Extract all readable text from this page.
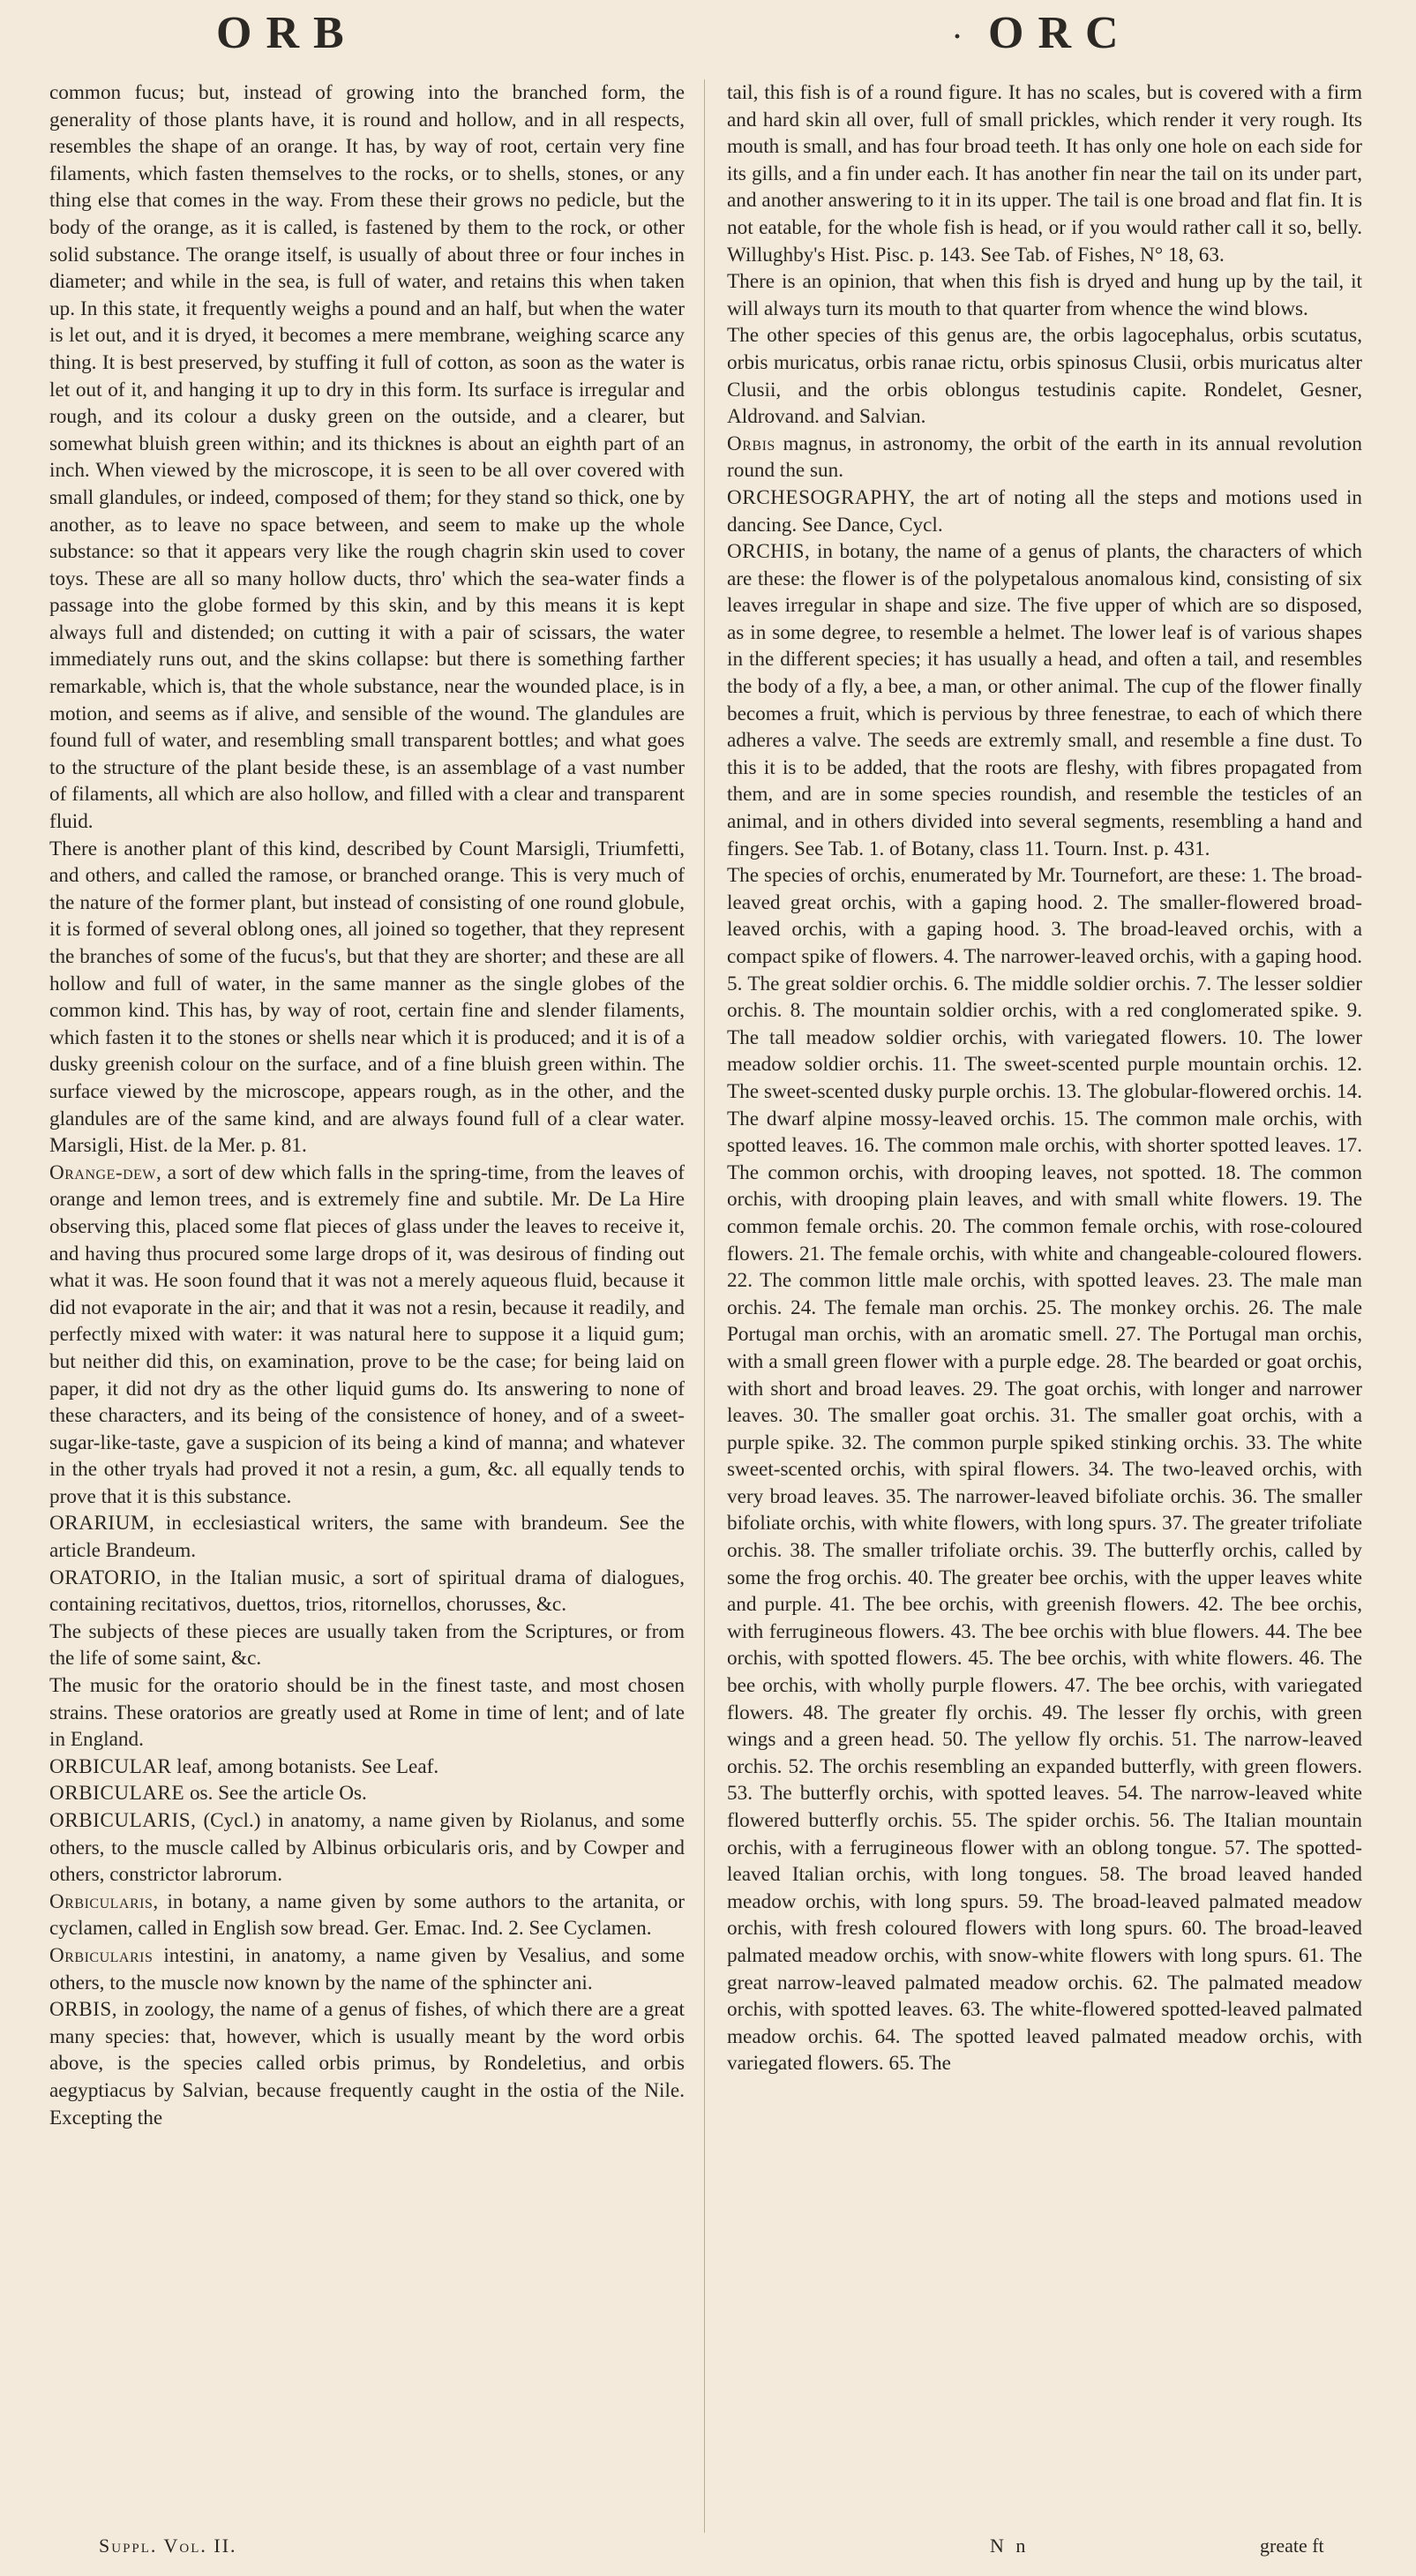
ORB	· ORC

common fucus; but, instead of growing into the branched form, the generality of those plants have, it is round and hollow, and in all respects, resembles the shape of an orange. It has, by way of root, certain very fine filaments, which fasten themselves to the rocks, or to shells, stones, or any thing else that comes in the way. From these their grows no pedicle, but the body of the orange, as it is called, is fastened by them to the rock, or other solid substance. The orange itself, is usually of about three or four inches in diameter; and while in the sea, is full of water, and retains this when taken up. In this state, it frequently weighs a pound and an half, but when the water is let out, and it is dryed, it becomes a mere membrane, weighing scarce any thing. It is best preserved, by stuffing it full of cotton, as soon as the water is let out of it, and hanging it up to dry in this form. Its surface is irregular and rough, and its colour a dusky green on the outside, and a clearer, but somewhat bluish green within; and its thicknes is about an eighth part of an inch. When viewed by the microscope, it is seen to be all over covered with small glandules, or indeed, composed of them; for they stand so thick, one by another, as to leave no space between, and seem to make up the whole substance: so that it appears very like the rough chagrin skin used to cover toys. These are all so many hollow ducts, thro' which the sea-water finds a passage into the globe formed by this skin, and by this means it is kept always full and distended; on cutting it with a pair of scissars, the water immediately runs out, and the skins collapse: but there is something farther remarkable, which is, that the whole substance, near the wounded place, is in motion, and seems as if alive, and sensible of the wound. The glandules are found full of water, and resembling small transparent bottles; and what goes to the structure of the plant beside these, is an assemblage of a vast number of filaments, all which are also hollow, and filled with a clear and transparent fluid.

There is another plant of this kind, described by Count Marsigli, Triumfetti, and others, and called the ramose, or branched orange. This is very much of the nature of the former plant, but instead of consisting of one round globule, it is formed of several oblong ones, all joined so together, that they represent the branches of some of the fucus's, but that they are shorter; and these are all hollow and full of water, in the same manner as the single globes of the common kind. This has, by way of root, certain fine and slender filaments, which fasten it to the stones or shells near which it is produced; and it is of a dusky greenish colour on the surface, and of a fine bluish green within. The surface viewed by the microscope, appears rough, as in the other, and the glandules are of the same kind, and are always found full of a clear water. Marsigli, Hist. de la Mer. p. 81.

Orange-dew, a sort of dew which falls in the spring-time, from the leaves of orange and lemon trees, and is extremely fine and subtile. Mr. De La Hire observing this, placed some flat pieces of glass under the leaves to receive it, and having thus procured some large drops of it, was desirous of finding out what it was. He soon found that it was not a merely aqueous fluid, because it did not evaporate in the air; and that it was not a resin, because it readily, and perfectly mixed with water: it was natural here to suppose it a liquid gum; but neither did this, on examination, prove to be the case; for being laid on paper, it did not dry as the other liquid gums do. Its answering to none of these characters, and its being of the consistence of honey, and of a sweet-sugar-like-taste, gave a suspicion of its being a kind of manna; and whatever in the other tryals had proved it not a resin, a gum, &c. all equally tends to prove that it is this substance.

ORARIUM, in ecclesiastical writers, the same with brandeum. See the article Brandeum.

ORATORIO, in the Italian music, a sort of spiritual drama of dialogues, containing recitativos, duettos, trios, ritornellos, chorusses, &c.

The subjects of these pieces are usually taken from the Scriptures, or from the life of some saint, &c.

The music for the oratorio should be in the finest taste, and most chosen strains. These oratorios are greatly used at Rome in time of lent; and of late in England.

ORBICULAR leaf, among botanists. See Leaf.

ORBICULARE os. See the article Os.

ORBICULARIS, (Cycl.) in anatomy, a name given by Riolanus, and some others, to the muscle called by Albinus orbicularis oris, and by Cowper and others, constrictor labrorum.

Orbicularis, in botany, a name given by some authors to the artanita, or cyclamen, called in English sow bread. Ger. Emac. Ind. 2. See Cyclamen.

Orbicularis intestini, in anatomy, a name given by Vesalius, and some others, to the muscle now known by the name of the sphincter ani.

ORBIS, in zoology, the name of a genus of fishes, of which there are a great many species: that, however, which is usually meant by the word orbis above, is the species called orbis primus, by Rondeletius, and orbis aegyptiacus by Salvian, because frequently caught in the ostia of the Nile. Excepting the

tail, this fish is of a round figure. It has no scales, but is covered with a firm and hard skin all over, full of small prickles, which render it very rough. Its mouth is small, and has four broad teeth. It has only one hole on each side for its gills, and a fin under each. It has another fin near the tail on its under part, and another answering to it in its upper. The tail is one broad and flat fin. It is not eatable, for the whole fish is head, or if you would rather call it so, belly. Willughby's Hist. Pisc. p. 143. See Tab. of Fishes, N° 18, 63.

There is an opinion, that when this fish is dryed and hung up by the tail, it will always turn its mouth to that quarter from whence the wind blows.

The other species of this genus are, the orbis lagocephalus, orbis scutatus, orbis muricatus, orbis ranae rictu, orbis spinosus Clusii, orbis muricatus alter Clusii, and the orbis oblongus testudinis capite. Rondelet, Gesner, Aldrovand. and Salvian.

Orbis magnus, in astronomy, the orbit of the earth in its annual revolution round the sun.

ORCHESOGRAPHY, the art of noting all the steps and motions used in dancing. See Dance, Cycl.

ORCHIS, in botany, the name of a genus of plants, the characters of which are these: the flower is of the polypetalous anomalous kind, consisting of six leaves irregular in shape and size. The five upper of which are so disposed, as in some degree, to resemble a helmet. The lower leaf is of various shapes in the different species; it has usually a head, and often a tail, and resembles the body of a fly, a bee, a man, or other animal. The cup of the flower finally becomes a fruit, which is pervious by three fenestrae, to each of which there adheres a valve. The seeds are extremly small, and resemble a fine dust. To this it is to be added, that the roots are fleshy, with fibres propagated from them, and are in some species roundish, and resemble the testicles of an animal, and in others divided into several segments, resembling a hand and fingers. See Tab. 1. of Botany, class 11. Tourn. Inst. p. 431.

The species of orchis, enumerated by Mr. Tournefort, are these: 1. The broad-leaved great orchis, with a gaping hood. 2. The smaller-flowered broad-leaved orchis, with a gaping hood. 3. The broad-leaved orchis, with a compact spike of flowers. 4. The narrower-leaved orchis, with a gaping hood. 5. The great soldier orchis. 6. The middle soldier orchis. 7. The lesser soldier orchis. 8. The mountain soldier orchis, with a red conglomerated spike. 9. The tall meadow soldier orchis, with variegated flowers. 10. The lower meadow soldier orchis. 11. The sweet-scented purple mountain orchis. 12. The sweet-scented dusky purple orchis. 13. The globular-flowered orchis. 14. The dwarf alpine mossy-leaved orchis. 15. The common male orchis, with spotted leaves. 16. The common male orchis, with shorter spotted leaves. 17. The common orchis, with drooping leaves, not spotted. 18. The common orchis, with drooping plain leaves, and with small white flowers. 19. The common female orchis. 20. The common female orchis, with rose-coloured flowers. 21. The female orchis, with white and changeable-coloured flowers. 22. The common little male orchis, with spotted leaves. 23. The male man orchis. 24. The female man orchis. 25. The monkey orchis. 26. The male Portugal man orchis, with an aromatic smell. 27. The Portugal man orchis, with a small green flower with a purple edge. 28. The bearded or goat orchis, with short and broad leaves. 29. The goat orchis, with longer and narrower leaves. 30. The smaller goat orchis. 31. The smaller goat orchis, with a purple spike. 32. The common purple spiked stinking orchis. 33. The white sweet-scented orchis, with spiral flowers. 34. The two-leaved orchis, with very broad leaves. 35. The narrower-leaved bifoliate orchis. 36. The smaller bifoliate orchis, with white flowers, with long spurs. 37. The greater trifoliate orchis. 38. The smaller trifoliate orchis. 39. The butterfly orchis, called by some the frog orchis. 40. The greater bee orchis, with the upper leaves white and purple. 41. The bee orchis, with greenish flowers. 42. The bee orchis, with ferrugineous flowers. 43. The bee orchis with blue flowers. 44. The bee orchis, with spotted flowers. 45. The bee orchis, with white flowers. 46. The bee orchis, with wholly purple flowers. 47. The bee orchis, with variegated flowers. 48. The greater fly orchis. 49. The lesser fly orchis, with green wings and a green head. 50. The yellow fly orchis. 51. The narrow-leaved orchis. 52. The orchis resembling an expanded butterfly, with green flowers. 53. The butterfly orchis, with spotted leaves. 54. The narrow-leaved white flowered butterfly orchis. 55. The spider orchis. 56. The Italian mountain orchis, with a ferrugineous flower with an oblong tongue. 57. The spotted-leaved Italian orchis, with long tongues. 58. The broad leaved handed meadow orchis, with long spurs. 59. The broad-leaved palmated meadow orchis, with fresh coloured flowers with long spurs. 60. The broad-leaved palmated meadow orchis, with snow-white flowers with long spurs. 61. The great narrow-leaved palmated meadow orchis. 62. The palmated meadow orchis, with spotted leaves. 63. The white-flowered spotted-leaved palmated meadow orchis. 64. The spotted leaved palmated meadow orchis, with variegated flowers. 65. The

Suppl. Vol. II.	N n	greate ft
